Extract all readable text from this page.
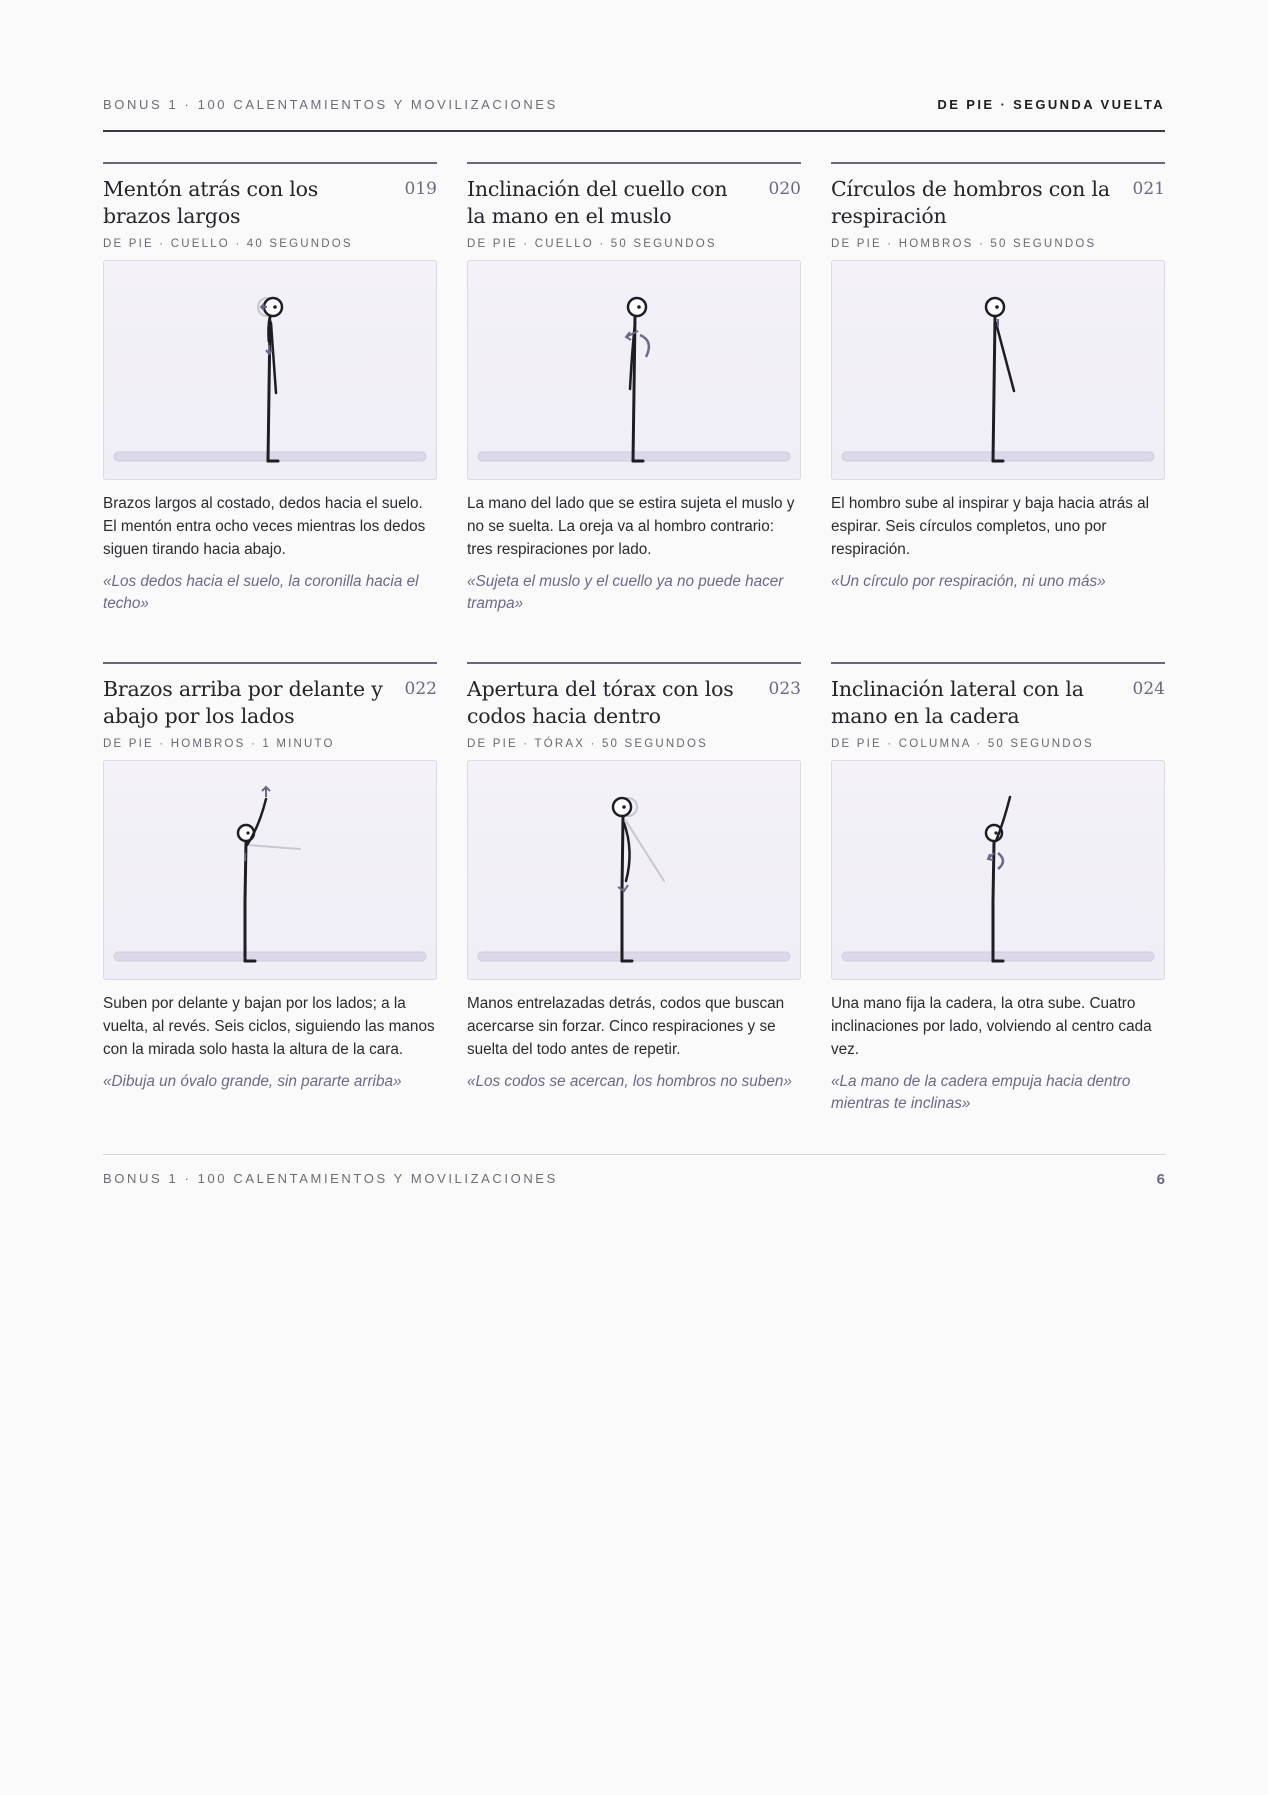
BONUS 1 · 100 CALENTAMIENTOS Y MOVILIZACIONES	DE PIE · SEGUNDA VUELTA
Mentón atrás con los brazos largos
019
DE PIE · CUELLO · 40 SEGUNDOS
Brazos largos al costado, dedos hacia el suelo. El mentón entra ocho veces mientras los dedos siguen tirando hacia abajo.
«Los dedos hacia el suelo, la coronilla hacia el techo»
Inclinación del cuello con la mano en el muslo
020
DE PIE · CUELLO · 50 SEGUNDOS
La mano del lado que se estira sujeta el muslo y no se suelta. La oreja va al hombro contrario: tres respiraciones por lado.
«Sujeta el muslo y el cuello ya no puede hacer trampa»
Círculos de hombros con la respiración
021
DE PIE · HOMBROS · 50 SEGUNDOS
El hombro sube al inspirar y baja hacia atrás al espirar. Seis círculos completos, uno por respiración.
«Un círculo por respiración, ni uno más»
Brazos arriba por delante y abajo por los lados
022
DE PIE · HOMBROS · 1 MINUTO
Suben por delante y bajan por los lados; a la vuelta, al revés. Seis ciclos, siguiendo las manos con la mirada solo hasta la altura de la cara.
«Dibuja un óvalo grande, sin pararte arriba»
Apertura del tórax con los codos hacia dentro
023
DE PIE · TÓRAX · 50 SEGUNDOS
Manos entrelazadas detrás, codos que buscan acercarse sin forzar. Cinco respiraciones y se suelta del todo antes de repetir.
«Los codos se acercan, los hombros no suben»
Inclinación lateral con la mano en la cadera
024
DE PIE · COLUMNA · 50 SEGUNDOS
Una mano fija la cadera, la otra sube. Cuatro inclinaciones por lado, volviendo al centro cada vez.
«La mano de la cadera empuja hacia dentro mientras te inclinas»
BONUS 1 · 100 CALENTAMIENTOS Y MOVILIZACIONES	6
